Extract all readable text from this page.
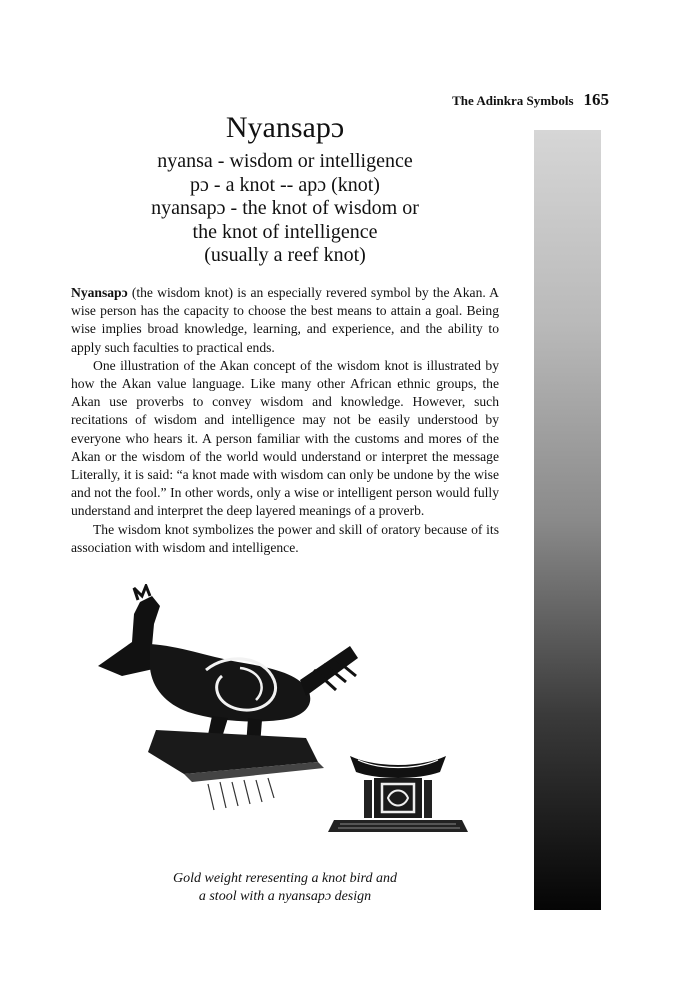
The Adinkra Symbols 165
Nyansapɔ
nyansa - wisdom or intelligence
pɔ - a knot -- apɔ (knot)
nyansapɔ - the knot of wisdom or
the knot of intelligence
(usually a reef knot)

Nyansapɔ (the wisdom knot) is an especially revered symbol by the Akan. A wise person has the capacity to choose the best means to attain a goal. Being wise implies broad knowledge, learning, and experience, and the ability to apply such faculties to practical ends.

One illustration of the Akan concept of the wisdom knot is illustrated by how the Akan value language. Like many other African ethnic groups, the Akan use proverbs to convey wisdom and knowledge. However, such recitations of wisdom and intelligence may not be easily understood by everyone who hears it. A person familiar with the customs and mores of the Akan or the wisdom of the world would understand or interpret the message Literally, it is said: “a knot made with wisdom can only be undone by the wise and not the fool.” In other words, only a wise or intelligent person would fully understand and interpret the deep layered meanings of a proverb.

The wisdom knot symbolizes the power and skill of oratory because of its association with wisdom and intelligence.

Gold weight reresenting a knot bird and
a stool with a nyansapɔ design
